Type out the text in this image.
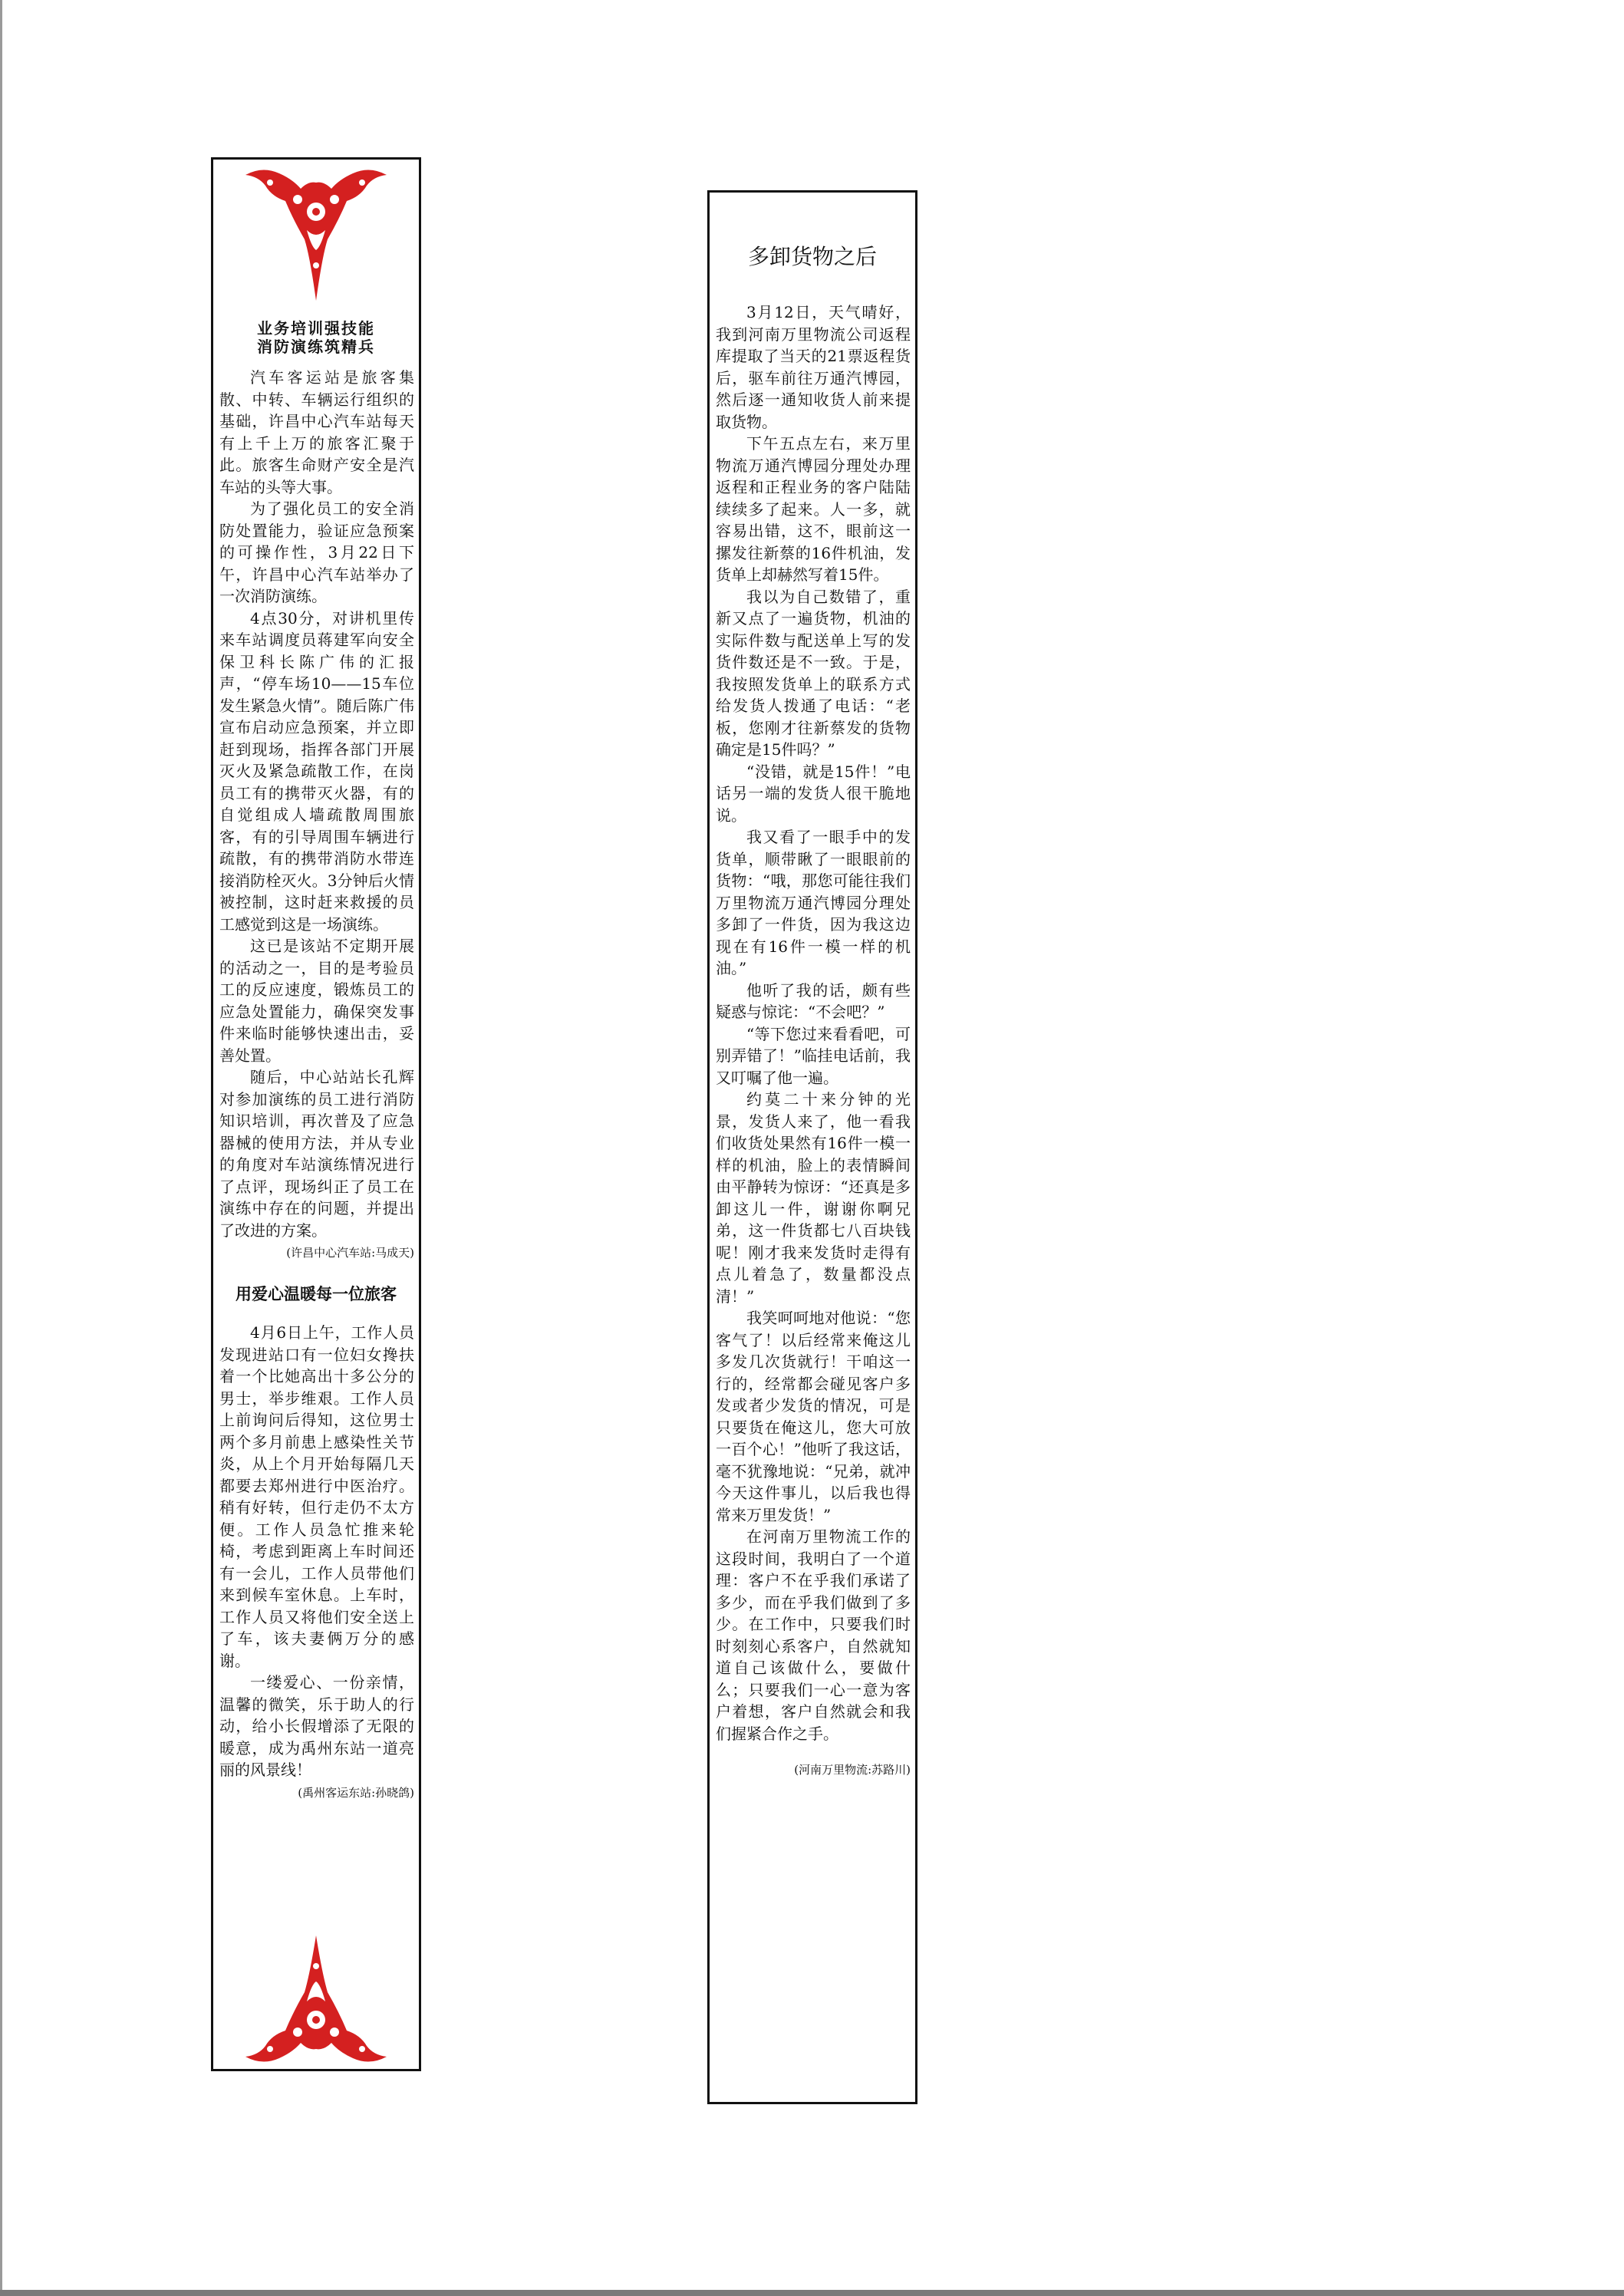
业务培训强技能
消防演练筑精兵

汽车客运站是旅客集散、中转、车辆运行组织的基础，许昌中心汽车站每天有上千上万的旅客汇聚于此。旅客生命财产安全是汽车站的头等大事。

为了强化员工的安全消防处置能力，验证应急预案的可操作性，3月22日下午，许昌中心汽车站举办了一次消防演练。

4点30分，对讲机里传来车站调度员蒋建军向安全保卫科长陈广伟的汇报声，“停车场10——15车位发生紧急火情”。随后陈广伟宣布启动应急预案，并立即赶到现场，指挥各部门开展灭火及紧急疏散工作，在岗员工有的携带灭火器，有的自觉组成人墙疏散周围旅客，有的引导周围车辆进行疏散，有的携带消防水带连接消防栓灭火。3分钟后火情被控制，这时赶来救援的员工感觉到这是一场演练。

这已是该站不定期开展的活动之一，目的是考验员工的反应速度，锻炼员工的应急处置能力，确保突发事件来临时能够快速出击，妥善处置。

随后，中心站站长孔辉对参加演练的员工进行消防知识培训，再次普及了应急器械的使用方法，并从专业的角度对车站演练情况进行了点评，现场纠正了员工在演练中存在的问题，并提出了改进的方案。

(许昌中心汽车站:马成天)
用爱心温暖每一位旅客

4月6日上午，工作人员发现进站口有一位妇女搀扶着一个比她高出十多公分的男士，举步维艰。工作人员上前询问后得知，这位男士两个多月前患上感染性关节炎，从上个月开始每隔几天都要去郑州进行中医治疗。稍有好转，但行走仍不太方便。工作人员急忙推来轮椅，考虑到距离上车时间还有一会儿，工作人员带他们来到候车室休息。上车时，工作人员又将他们安全送上了车，该夫妻俩万分的感谢。

一缕爱心、一份亲情，温馨的微笑，乐于助人的行动，给小长假增添了无限的暖意，成为禹州东站一道亮丽的风景线！

(禹州客运东站:孙晓鸽)
多卸货物之后

3月12日，天气晴好，我到河南万里物流公司返程库提取了当天的21票返程货后，驱车前往万通汽博园，然后逐一通知收货人前来提取货物。

下午五点左右，来万里物流万通汽博园分理处办理返程和正程业务的客户陆陆续续多了起来。人一多，就容易出错，这不，眼前这一摞发往新蔡的16件机油，发货单上却赫然写着15件。

我以为自己数错了，重新又点了一遍货物，机油的实际件数与配送单上写的发货件数还是不一致。于是，我按照发货单上的联系方式给发货人拨通了电话：“老板，您刚才往新蔡发的货物确定是15件吗？”

“没错，就是15件！”电话另一端的发货人很干脆地说。

我又看了一眼手中的发货单，顺带瞅了一眼眼前的货物：“哦，那您可能往我们万里物流万通汽博园分理处多卸了一件货，因为我这边现在有16件一模一样的机油。”

他听了我的话，颇有些疑惑与惊诧：“不会吧？”

“等下您过来看看吧，可别弄错了！”临挂电话前，我又叮嘱了他一遍。

约莫二十来分钟的光景，发货人来了，他一看我们收货处果然有16件一模一样的机油，脸上的表情瞬间由平静转为惊讶：“还真是多卸这儿一件，谢谢你啊兄弟，这一件货都七八百块钱呢！刚才我来发货时走得有点儿着急了，数量都没点清！”

我笑呵呵地对他说：“您客气了！以后经常来俺这儿多发几次货就行！干咱这一行的，经常都会碰见客户多发或者少发货的情况，可是只要货在俺这儿，您大可放一百个心！”他听了我这话，毫不犹豫地说：“兄弟，就冲今天这件事儿，以后我也得常来万里发货！”

在河南万里物流工作的这段时间，我明白了一个道理：客户不在乎我们承诺了多少，而在乎我们做到了多少。在工作中，只要我们时时刻刻心系客户，自然就知道自己该做什么，要做什么；只要我们一心一意为客户着想，客户自然就会和我们握紧合作之手。

(河南万里物流:苏路川)
